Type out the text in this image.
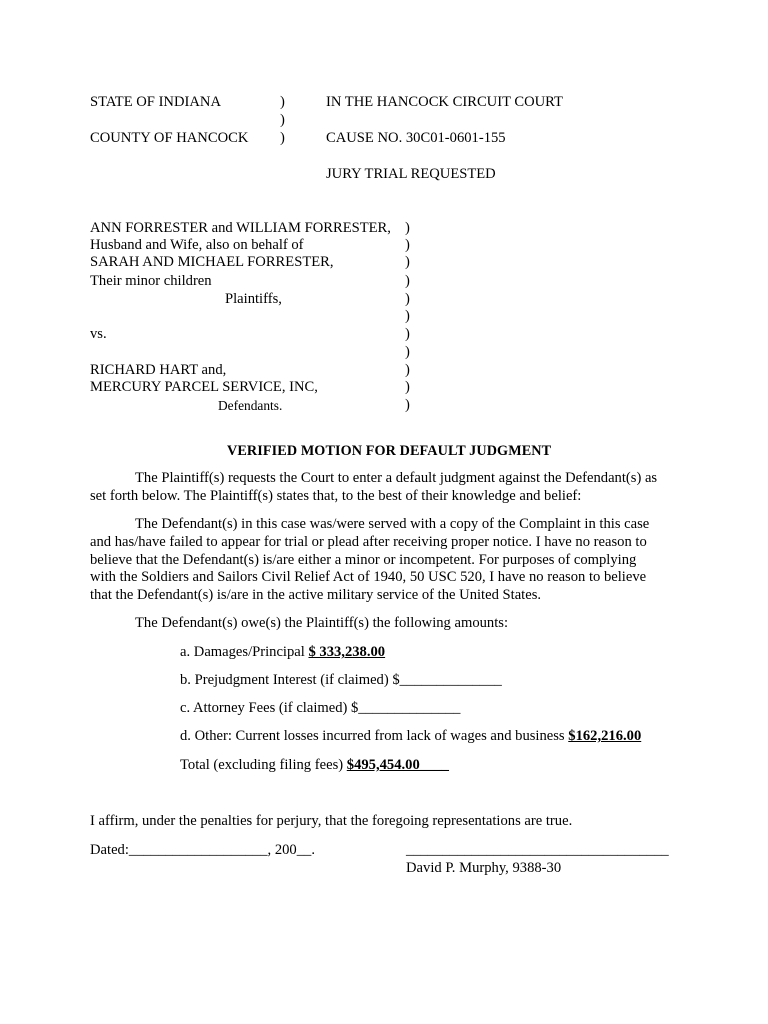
STATE OF INDIANA	)
)
)
COUNTY OF HANCOCK
IN THE HANCOCK CIRCUIT COURT
CAUSE NO. 30C01-0601-155
JURY TRIAL REQUESTED
ANN FORRESTER and WILLIAM FORRESTER,
Husband and Wife, also on behalf of
SARAH AND MICHAEL FORRESTER,
Their minor children
Plaintiffs,
vs.
RICHARD HART and,
MERCURY PARCEL SERVICE, INC,
Defendants.
)
)
)
)
)
)
)
)
)
)
)
VERIFIED MOTION FOR DEFAULT JUDGMENT
The Plaintiff(s) requests the Court to enter a default judgment against the Defendant(s) as
set forth below. The Plaintiff(s) states that, to the best of their knowledge and belief:
The Defendant(s) in this case was/were served with a copy of the Complaint in this case
and has/have failed to appear for trial or plead after receiving proper notice. I have no reason to
believe that the Defendant(s) is/are either a minor or incompetent. For purposes of complying
with the Soldiers and Sailors Civil Relief Act of 1940, 50 USC 520, I have no reason to believe
that the Defendant(s) is/are in the active military service of the United States.
The Defendant(s) owe(s) the Plaintiff(s) the following amounts:
a. Damages/Principal $ 333,238.00
b. Prejudgment Interest (if claimed) $______________
c. Attorney Fees (if claimed) $______________
d. Other: Current losses incurred from lack of wages and business $162,216.00
Total (excluding filing fees) $495,454.00____
I affirm, under the penalties for perjury, that the foregoing representations are true.
Dated:___________________, 200__.	____________________________________
David P. Murphy, 9388-30
